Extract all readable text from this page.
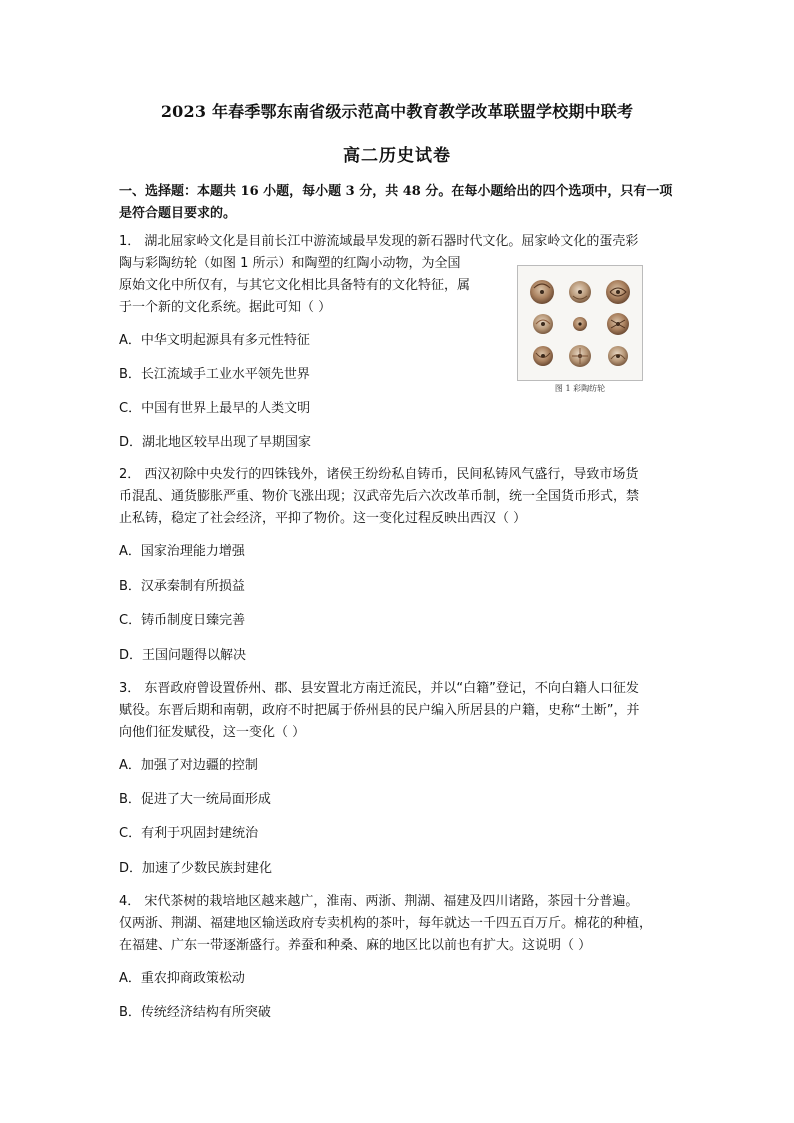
2023 年春季鄂东南省级示范高中教育教学改革联盟学校期中联考
高二历史试卷
一、选择题：本题共 16 小题，每小题 3 分，共 48 分。在每小题给出的四个选项中，只有一项是符合题目要求的。
1． 湖北屈家岭文化是目前长江中游流域最早发现的新石器时代文化。屈家岭文化的蛋壳彩
陶与彩陶纺轮（如图 1 所示）和陶塑的红陶小动物，为全国
原始文化中所仅有，与其它文化相比具备特有的文化特征，属
于一个新的文化系统。据此可知（ ）
图 1 彩陶纺轮
A．中华文明起源具有多元性特征
B．长江流域手工业水平领先世界
C．中国有世界上最早的人类文明
D．湖北地区较早出现了早期国家
2． 西汉初除中央发行的四铢钱外，诸侯王纷纷私自铸币，民间私铸风气盛行，导致市场货
币混乱、通货膨胀严重、物价飞涨出现；汉武帝先后六次改革币制，统一全国货币形式，禁
止私铸，稳定了社会经济，平抑了物价。这一变化过程反映出西汉（ ）
A．国家治理能力增强
B．汉承秦制有所损益
C．铸币制度日臻完善
D．王国问题得以解决
3． 东晋政府曾设置侨州、郡、县安置北方南迁流民，并以“白籍”登记，不向白籍人口征发
赋役。东晋后期和南朝，政府不时把属于侨州县的民户编入所居县的户籍，史称“土断”，并
向他们征发赋役，这一变化（ ）
A．加强了对边疆的控制
B．促进了大一统局面形成
C．有利于巩固封建统治
D．加速了少数民族封建化
4． 宋代茶树的栽培地区越来越广，淮南、两浙、荆湖、福建及四川诸路，茶园十分普遍。
仅两浙、荆湖、福建地区输送政府专卖机构的茶叶，每年就达一千四五百万斤。棉花的种植，
在福建、广东一带逐渐盛行。养蚕和种桑、麻的地区比以前也有扩大。这说明（ ）
A．重农抑商政策松动
B．传统经济结构有所突破
